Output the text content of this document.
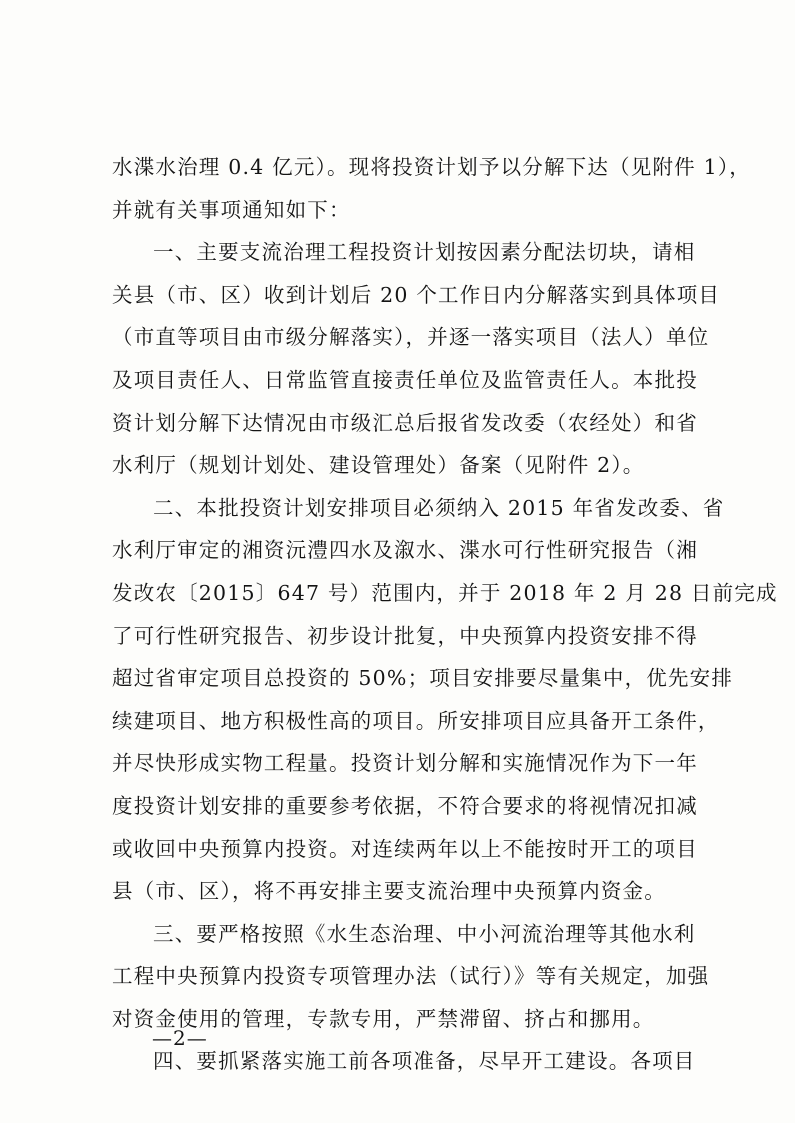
水渫水治理 0.4 亿元）。现将投资计划予以分解下达（见附件 1），
并就有关事项通知如下：
一、主要支流治理工程投资计划按因素分配法切块，请相
关县（市、区）收到计划后 20 个工作日内分解落实到具体项目
（市直等项目由市级分解落实），并逐一落实项目（法人）单位
及项目责任人、日常监管直接责任单位及监管责任人。本批投
资计划分解下达情况由市级汇总后报省发改委（农经处）和省
水利厅（规划计划处、建设管理处）备案（见附件 2）。
二、本批投资计划安排项目必须纳入 2015 年省发改委、省
水利厅审定的湘资沅澧四水及溆水、渫水可行性研究报告（湘
发改农〔2015〕647 号）范围内，并于 2018 年 2 月 28 日前完成
了可行性研究报告、初步设计批复，中央预算内投资安排不得
超过省审定项目总投资的 50%；项目安排要尽量集中，优先安排
续建项目、地方积极性高的项目。所安排项目应具备开工条件，
并尽快形成实物工程量。投资计划分解和实施情况作为下一年
度投资计划安排的重要参考依据，不符合要求的将视情况扣减
或收回中央预算内投资。对连续两年以上不能按时开工的项目
县（市、区），将不再安排主要支流治理中央预算内资金。
三、要严格按照《水生态治理、中小河流治理等其他水利
工程中央预算内投资专项管理办法（试行）》等有关规定，加强
对资金使用的管理，专款专用，严禁滞留、挤占和挪用。
四、要抓紧落实施工前各项准备，尽早开工建设。各项目
—2—
